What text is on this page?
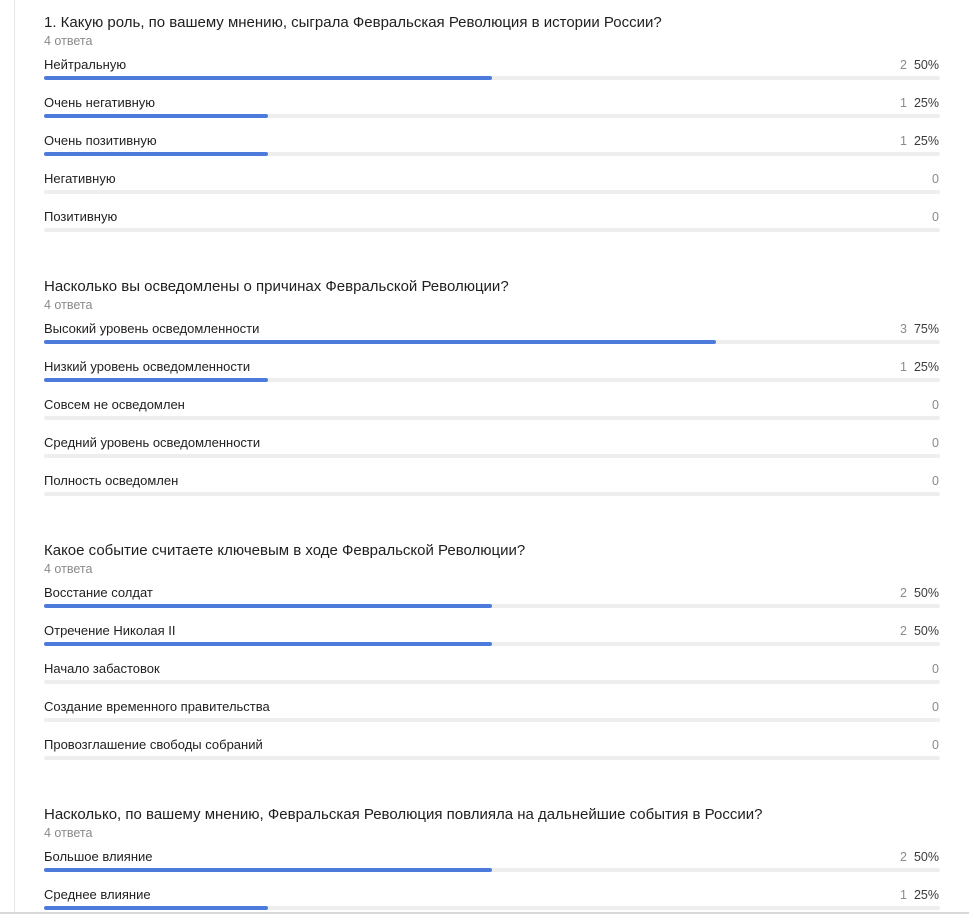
1. Какую роль, по вашему мнению, сыграла Февральская Революция в истории России?
4 ответа
Нейтральную	2 50%
Очень негативную	1 25%
Очень позитивную	1 25%
Негативную	0
Позитивную	0
Насколько вы осведомлены о причинах Февральской Революции?
4 ответа
Высокий уровень осведомленности	3 75%
Низкий уровень осведомленности	1 25%
Совсем не осведомлен	0
Средний уровень осведомленности	0
Полность осведомлен	0
Какое событие считаете ключевым в ходе Февральской Революции?
4 ответа
Восстание солдат	2 50%
Отречение Николая II	2 50%
Начало забастовок	0
Создание временного правительства	0
Провозглашение свободы собраний	0
Насколько, по вашему мнению, Февральская Революция повлияла на дальнейшие события в России?
4 ответа
Большое влияние	2 50%
Среднее влияние	1 25%
